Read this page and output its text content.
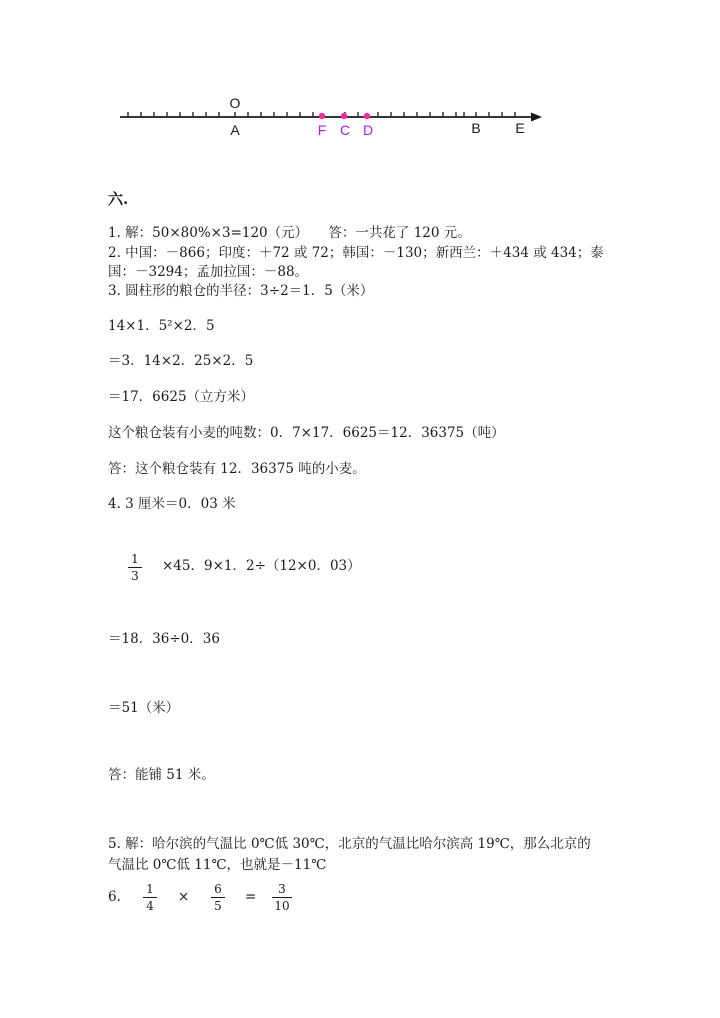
O
A	F C D	B E
六.
1. 解：50×80%×3=120（元）　　答：一共花了 120 元。
2. 中国：－866；印度：＋72 或 72；韩国：－130；新西兰：＋434 或 434；泰
国：－3294；孟加拉国：－88。
3. 圆柱形的粮仓的半径：3÷2＝1．5（米）
14×1．5²×2．5
＝3．14×2．25×2．5
＝17．6625（立方米）
这个粮仓装有小麦的吨数：0．7×17．6625＝12．36375（吨）
答：这个粮仓装有 12．36375 吨的小麦。
4. 3 厘米＝0．03 米
1
3
×45．9×1．2÷（12×0．03）
＝18．36÷0．36
＝51（米）
答：能铺 51 米。
5. 解：哈尔滨的气温比 0℃低 30℃，北京的气温比哈尔滨高 19℃，那么北京的
气温比 0℃低 11℃，也就是－11℃
6. 1
4
× 6
5
=	3
10
